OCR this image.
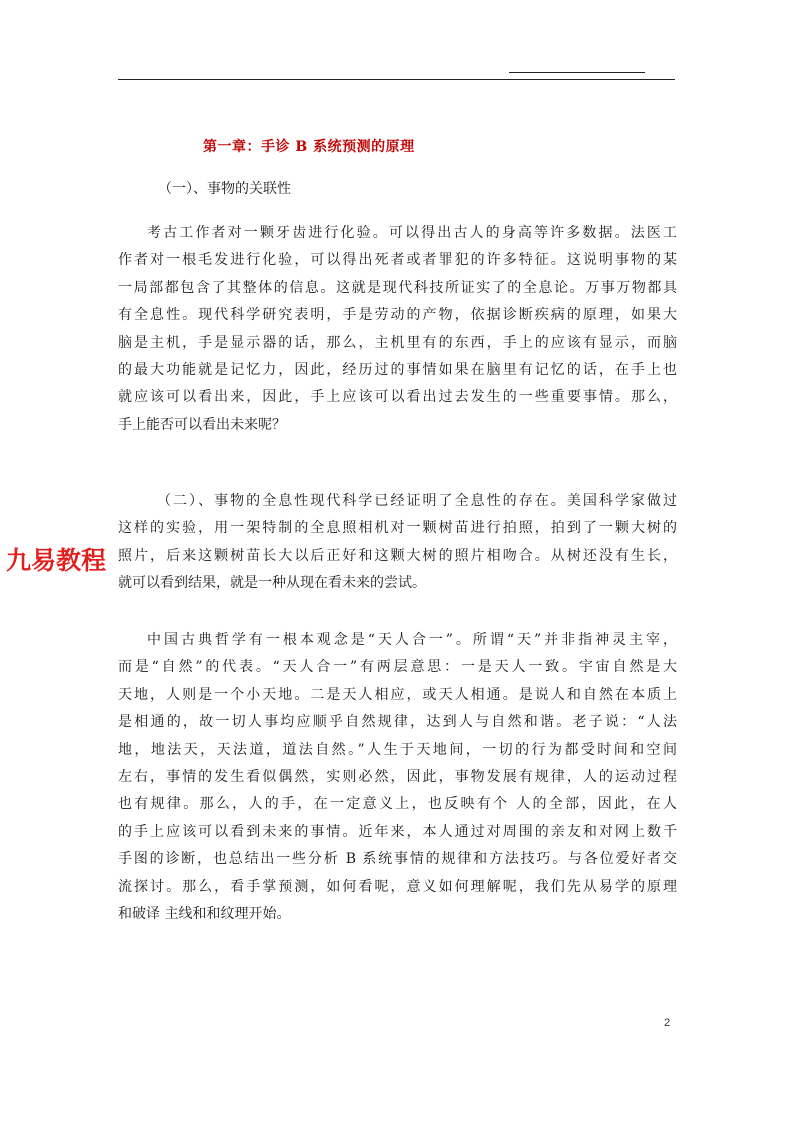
第一章：手诊 B 系统预测的原理

（一）、事物的关联性

考古工作者对一颗牙齿进行化验。可以得出古人的身高等许多数据。法医工
作者对一根毛发进行化验，可以得出死者或者罪犯的许多特征。这说明事物的某
一局部都包含了其整体的信息。这就是现代科技所证实了的全息论。万事万物都具
有全息性。现代科学研究表明，手是劳动的产物，依据诊断疾病的原理，如果大
脑是主机，手是显示器的话，那么，主机里有的东西，手上的应该有显示，而脑
的最大功能就是记忆力，因此，经历过的事情如果在脑里有记忆的话，在手上也
就应该可以看出来，因此，手上应该可以看出过去发生的一些重要事情。那么，
手上能否可以看出未来呢？

（二）、事物的全息性现代科学已经证明了全息性的存在。美国科学家做过
这样的实验，用一架特制的全息照相机对一颗树苗进行拍照，拍到了一颗大树的
照片，后来这颗树苗长大以后正好和这颗大树的照片相吻合。从树还没有生长，
就可以看到结果，就是一种从现在看未来的尝试。

中国古典哲学有一根本观念是“天人合一”。所谓“天”并非指神灵主宰，
而是“自然”的代表。“天人合一”有两层意思：一是天人一致。宇宙自然是大
天地，人则是一个小天地。二是天人相应，或天人相通。是说人和自然在本质上
是相通的，故一切人事均应顺乎自然规律，达到人与自然和谐。老子说：“人法
地，地法天，天法道，道法自然。”人生于天地间，一切的行为都受时间和空间
左右，事情的发生看似偶然，实则必然，因此，事物发展有规律，人的运动过程
也有规律。那么，人的手，在一定意义上，也反映有个 人的全部，因此，在人
的手上应该可以看到未来的事情。近年来，本人通过对周围的亲友和对网上数千
手图的诊断，也总结出一些分析 B 系统事情的规律和方法技巧。与各位爱好者交
流探讨。那么，看手掌预测，如何看呢，意义如何理解呢，我们先从易学的原理
和破译 主线和和纹理开始。

九易教程
2
